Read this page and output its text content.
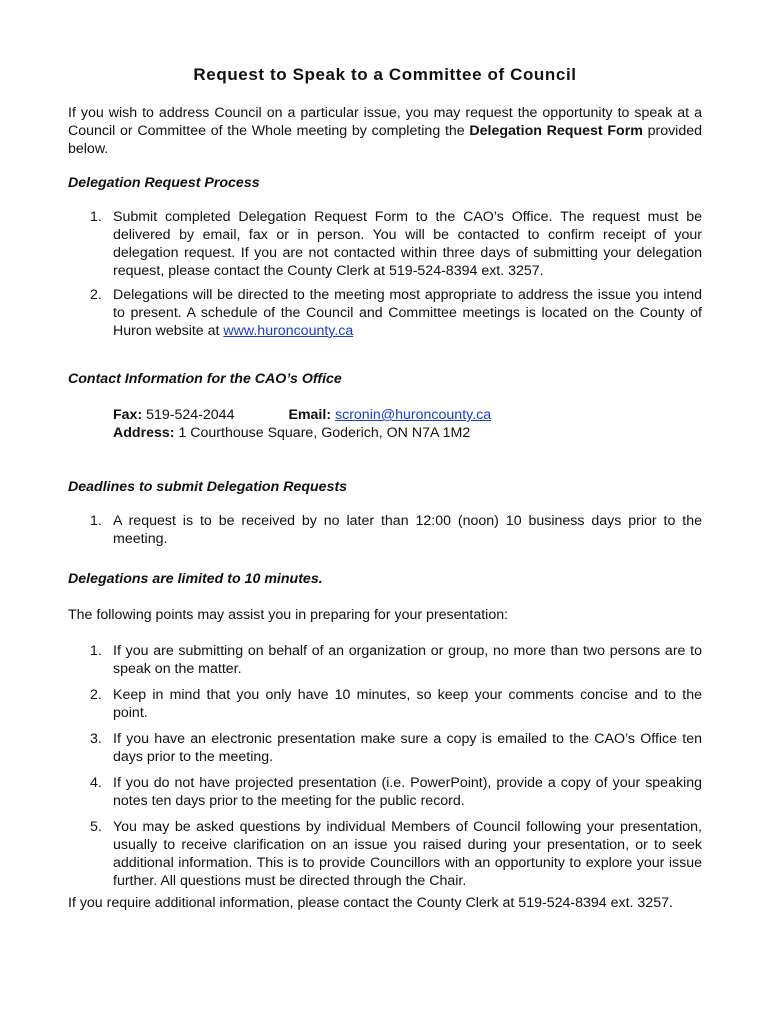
Request to Speak to a Committee of Council

If you wish to address Council on a particular issue, you may request the opportunity to speak at a Council or Committee of the Whole meeting by completing the Delegation Request Form provided below.

Delegation Request Process
1. Submit completed Delegation Request Form to the CAO’s Office. The request must be delivered by email, fax or in person. You will be contacted to confirm receipt of your delegation request. If you are not contacted within three days of submitting your delegation request, please contact the County Clerk at 519-524-8394 ext. 3257.
2. Delegations will be directed to the meeting most appropriate to address the issue you intend to present. A schedule of the Council and Committee meetings is located on the County of Huron website at www.huroncounty.ca
Contact Information for the CAO’s Office
Fax: 519-524-2044	Email: scronin@huroncounty.ca
Address: 1 Courthouse Square, Goderich, ON N7A 1M2
Deadlines to submit Delegation Requests
1. A request is to be received by no later than 12:00 (noon) 10 business days prior to the meeting.
Delegations are limited to 10 minutes.

The following points may assist you in preparing for your presentation:

1. If you are submitting on behalf of an organization or group, no more than two persons are to speak on the matter.
2. Keep in mind that you only have 10 minutes, so keep your comments concise and to the point.
3. If you have an electronic presentation make sure a copy is emailed to the CAO’s Office ten days prior to the meeting.
4. If you do not have projected presentation (i.e. PowerPoint), provide a copy of your speaking notes ten days prior to the meeting for the public record.
5. You may be asked questions by individual Members of Council following your presentation, usually to receive clarification on an issue you raised during your presentation, or to seek additional information. This is to provide Councillors with an opportunity to explore your issue further. All questions must be directed through the Chair.

If you require additional information, please contact the County Clerk at 519-524-8394 ext. 3257.
